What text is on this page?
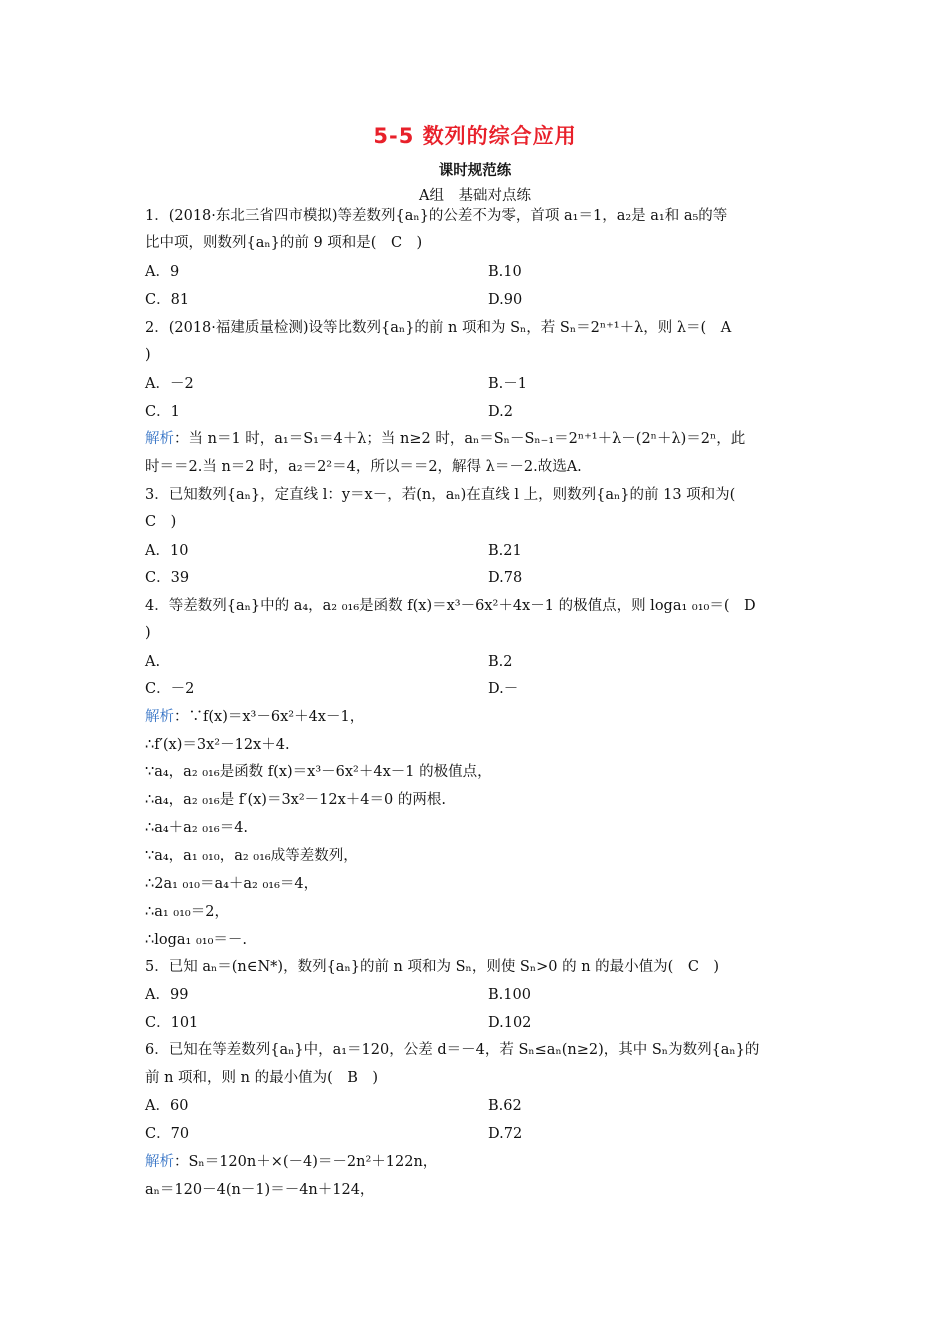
5-5 数列的综合应用
课时规范练
A组　基础对点练
1．(2018·东北三省四市模拟)等差数列{aₙ}的公差不为零，首项 a₁＝1，a₂是 a₁和 a₅的等
比中项，则数列{aₙ}的前 9 项和是(　C　)
A．9	B.10
C．81	D.90
2．(2018·福建质量检测)设等比数列{aₙ}的前 n 项和为 Sₙ，若 Sₙ＝2ⁿ⁺¹＋λ，则 λ＝(　A
)
A．－2	B.－1
C．1	D.2
解析：当 n＝1 时，a₁＝S₁＝4＋λ；当 n≥2 时，aₙ＝Sₙ－Sₙ₋₁＝2ⁿ⁺¹＋λ－(2ⁿ＋λ)＝2ⁿ，此
时＝＝2.当 n＝2 时，a₂＝2²＝4，所以＝＝2，解得 λ＝－2.故选A.
3．已知数列{aₙ}，定直线 l：y＝x－，若(n，aₙ)在直线 l 上，则数列{aₙ}的前 13 项和为(
C　)
A．10	B.21
C．39	D.78
4．等差数列{aₙ}中的 a₄，a₂ ₀₁₆是函数 f(x)＝x³－6x²＋4x－1 的极值点，则 loga₁ ₀₁₀＝(　D
)
A.	B.2
C．－2	D.－
解析：∵f(x)＝x³－6x²＋4x－1，
∴f′(x)＝3x²－12x＋4.
∵a₄，a₂ ₀₁₆是函数 f(x)＝x³－6x²＋4x－1 的极值点，
∴a₄，a₂ ₀₁₆是 f′(x)＝3x²－12x＋4＝0 的两根.
∴a₄＋a₂ ₀₁₆＝4.
∵a₄，a₁ ₀₁₀，a₂ ₀₁₆成等差数列，
∴2a₁ ₀₁₀＝a₄＋a₂ ₀₁₆＝4，
∴a₁ ₀₁₀＝2，
∴loga₁ ₀₁₀＝－.
5．已知 aₙ＝(n∈N*)，数列{aₙ}的前 n 项和为 Sₙ，则使 Sₙ>0 的 n 的最小值为(　C　)
A．99	B.100
C．101	D.102
6．已知在等差数列{aₙ}中，a₁＝120，公差 d＝－4，若 Sₙ≤aₙ(n≥2)，其中 Sₙ为数列{aₙ}的
前 n 项和，则 n 的最小值为(　B　)
A．60	B.62
C．70	D.72
解析：Sₙ＝120n＋×(－4)＝－2n²＋122n，
aₙ＝120－4(n－1)＝－4n＋124，
